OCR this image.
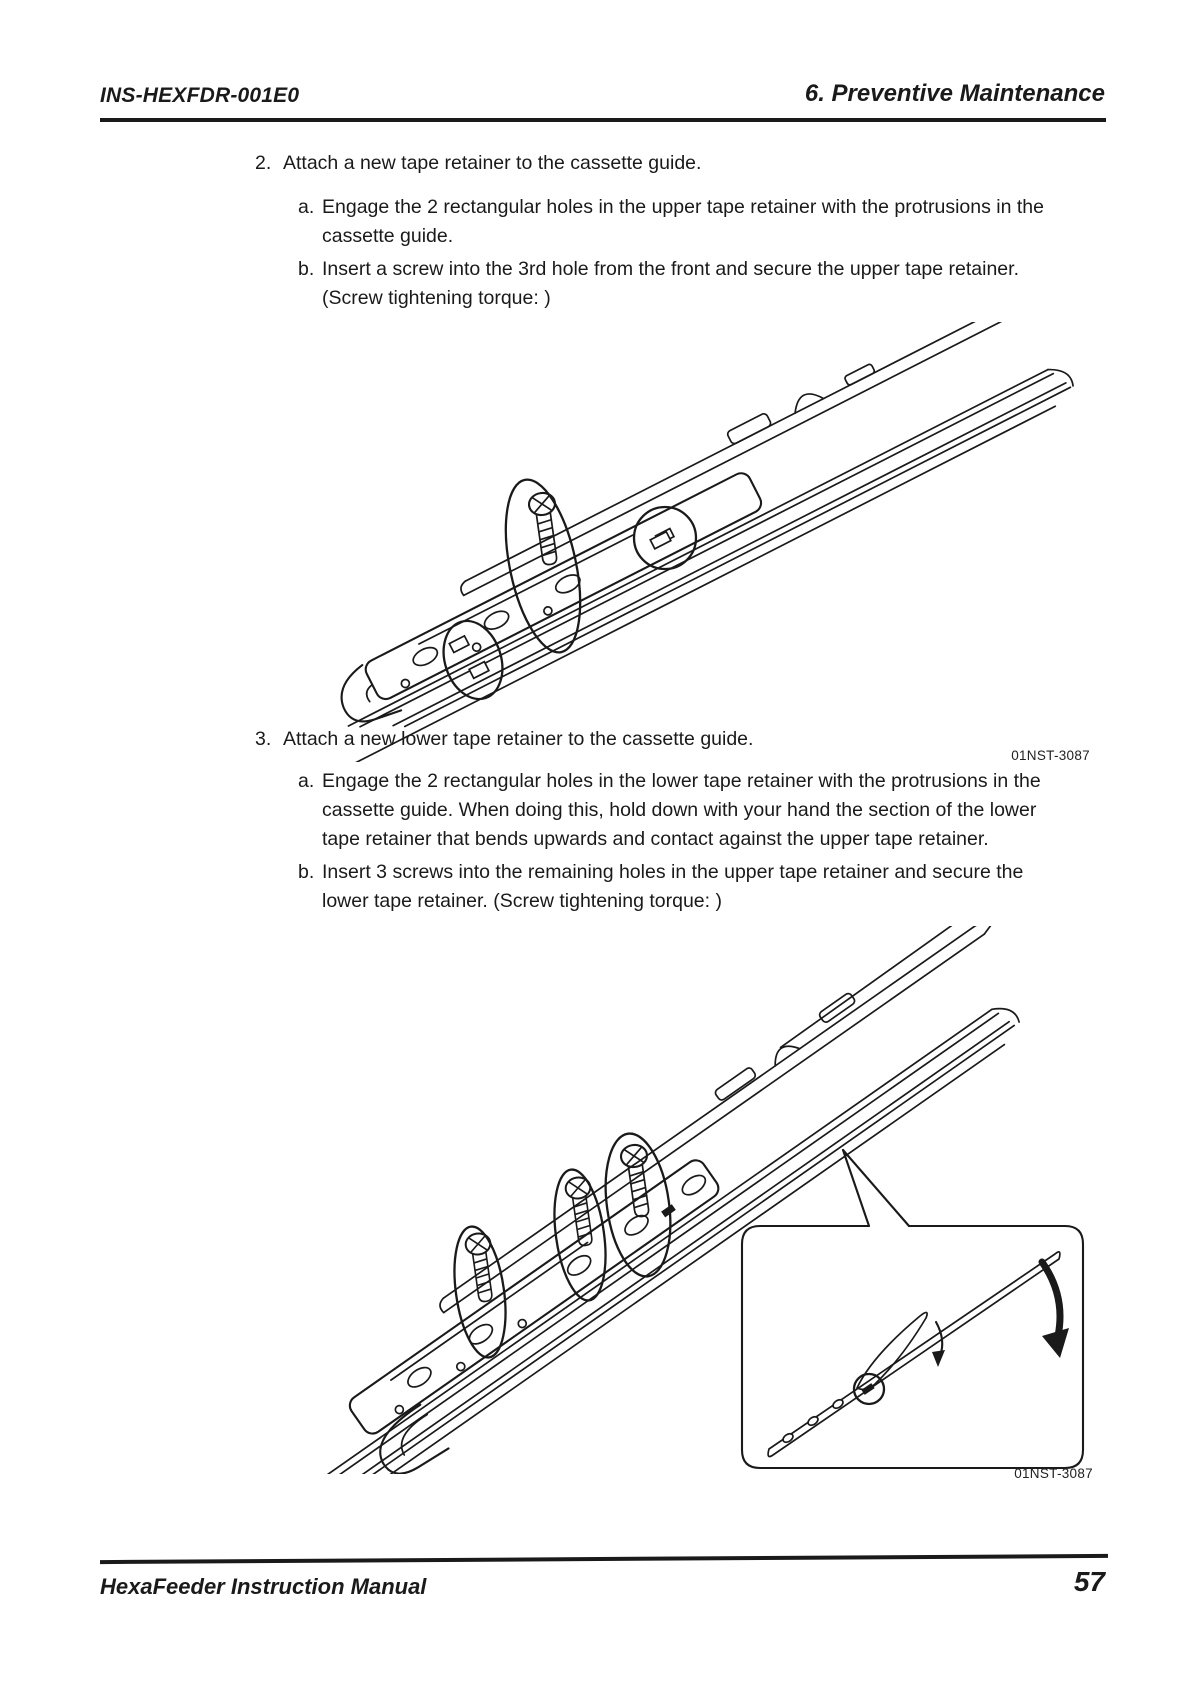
INS-HEXFDR-001E0	6. Preventive Maintenance
2. Attach a new tape retainer to the cassette guide.
a. Engage the 2 rectangular holes in the upper tape retainer with the protrusions in the
cassette guide.
b. Insert a screw into the 3rd hole from the front and secure the upper tape retainer.
(Screw tightening torque: )
01NST-3087
3. Attach a new lower tape retainer to the cassette guide.
a. Engage the 2 rectangular holes in the lower tape retainer with the protrusions in the
cassette guide. When doing this, hold down with your hand the section of the lower
tape retainer that bends upwards and contact against the upper tape retainer.
b. Insert 3 screws into the remaining holes in the upper tape retainer and secure the
lower tape retainer. (Screw tightening torque: )
01NST-3087
HexaFeeder Instruction Manual	57
